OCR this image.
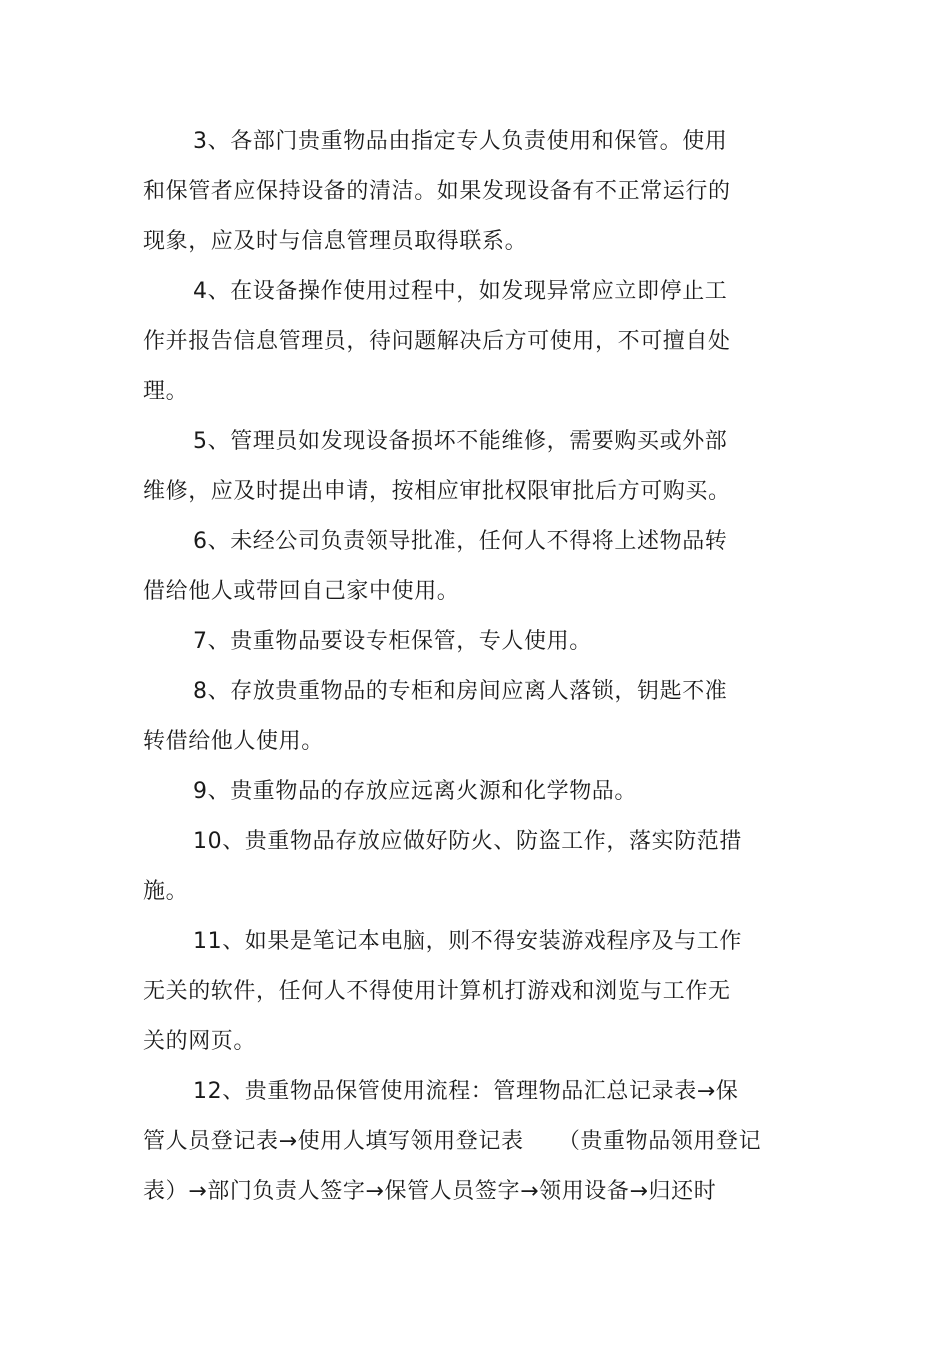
3、各部门贵重物品由指定专人负责使用和保管。使用
和保管者应保持设备的清洁。如果发现设备有不正常运行的
现象，应及时与信息管理员取得联系。
4、在设备操作使用过程中，如发现异常应立即停止工
作并报告信息管理员，待问题解决后方可使用，不可擅自处
理。
5、管理员如发现设备损坏不能维修，需要购买或外部
维修，应及时提出申请，按相应审批权限审批后方可购买。
6、未经公司负责领导批准，任何人不得将上述物品转
借给他人或带回自己家中使用。
7、贵重物品要设专柜保管，专人使用。
8、存放贵重物品的专柜和房间应离人落锁，钥匙不准
转借给他人使用。
9、贵重物品的存放应远离火源和化学物品。
10、贵重物品存放应做好防火、防盗工作，落实防范措
施。
11、如果是笔记本电脑，则不得安装游戏程序及与工作
无关的软件，任何人不得使用计算机打游戏和浏览与工作无
关的网页。
12、贵重物品保管使用流程：管理物品汇总记录表→保
管人员登记表→使用人填写领用登记表　　（贵重物品领用登记
表）→部门负责人签字→保管人员签字→领用设备→归还时
